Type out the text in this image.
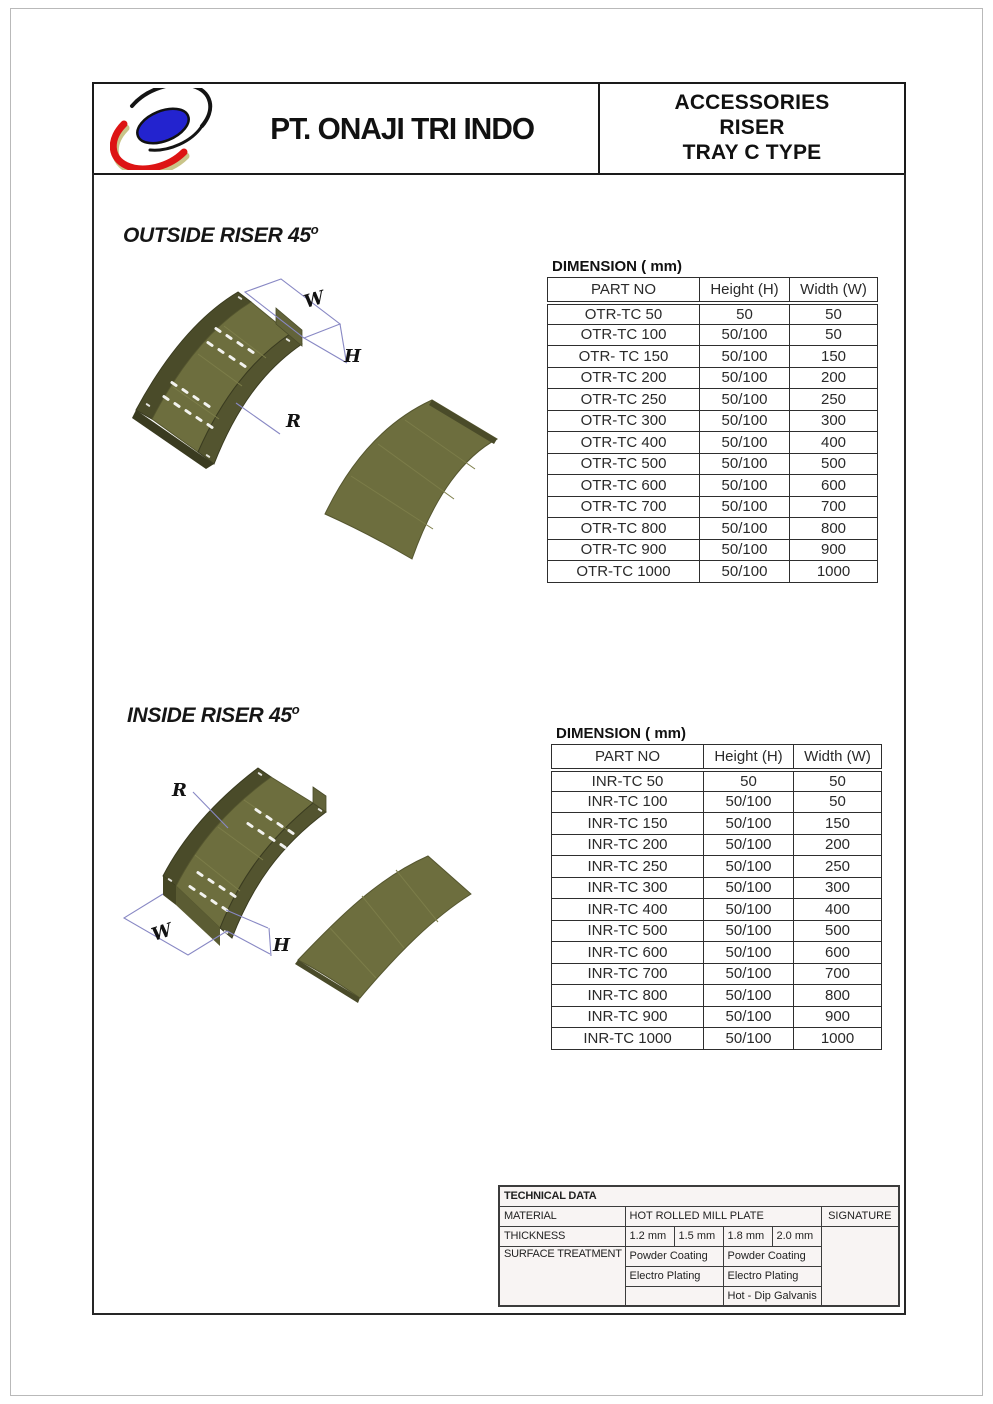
PT. ONAJI TRI INDO
ACCESSORIES
RISER
TRAY C TYPE
OUTSIDE RISER 45$^o$
W
H
R
DIMENSION ( mm)
PART NO	Height (H)	Width (W)
OTR-TC 50	50	50
OTR-TC 100	50/100	50
OTR- TC 150	50/100	150
OTR-TC 200	50/100	200
OTR-TC 250	50/100	250
OTR-TC 300	50/100	300
OTR-TC 400	50/100	400
OTR-TC 500	50/100	500
OTR-TC 600	50/100	600
OTR-TC 700	50/100	700
OTR-TC 800	50/100	800
OTR-TC 900	50/100	900
OTR-TC 1000	50/100	1000
INSIDE RISER 45$^o$
R
W	H
DIMENSION ( mm)
PART NO	Height (H)	Width (W)
INR-TC 50	50	50
INR-TC 100	50/100	50
INR-TC 150	50/100	150
INR-TC 200	50/100	200
INR-TC 250	50/100	250
INR-TC 300	50/100	300
INR-TC 400	50/100	400
INR-TC 500	50/100	500
INR-TC 600	50/100	600
INR-TC 700	50/100	700
INR-TC 800	50/100	800
INR-TC 900	50/100	900
INR-TC 1000	50/100	1000
TECHNICAL DATA					
MATERIAL	HOT ROLLED MILL PLATE				SIGNATURE
THICKNESS	1.2 mm	1.5 mm	1.8 mm	2.0 mm	
SURFACE TREATMENT	Powder Coating		Powder Coating		
	Electro Plating		Electro Plating		
			Hot - Dip Galvanis		
